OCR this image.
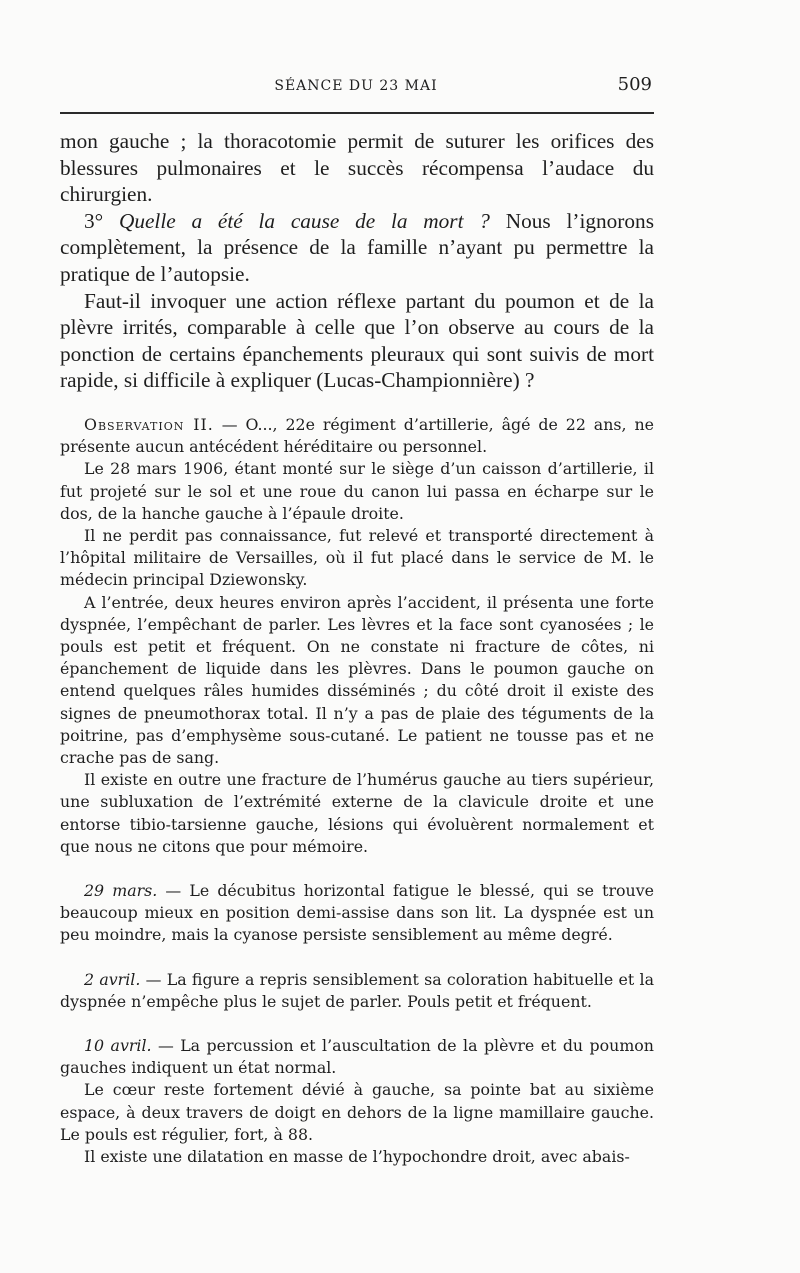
SÉANCE DU 23 MAI	509

mon gauche ; la thoracotomie permit de suturer les orifices des blessures pulmonaires et le succès récompensa l’audace du chirurgien.

3° Quelle a été la cause de la mort ? Nous l’ignorons complètement, la présence de la famille n’ayant pu permettre la pratique de l’autopsie.

Faut-il invoquer une action réflexe partant du poumon et de la plèvre irrités, comparable à celle que l’on observe au cours de la ponction de certains épanchements pleuraux qui sont suivis de mort rapide, si difficile à expliquer (Lucas-Championnière) ?

Observation II. — O..., 22e régiment d’artillerie, âgé de 22 ans, ne présente aucun antécédent héréditaire ou personnel.

Le 28 mars 1906, étant monté sur le siège d’un caisson d’artillerie, il fut projeté sur le sol et une roue du canon lui passa en écharpe sur le dos, de la hanche gauche à l’épaule droite.

Il ne perdit pas connaissance, fut relevé et transporté directement à l’hôpital militaire de Versailles, où il fut placé dans le service de M. le médecin principal Dziewonsky.

A l’entrée, deux heures environ après l’accident, il présenta une forte dyspnée, l’empêchant de parler. Les lèvres et la face sont cyanosées ; le pouls est petit et fréquent. On ne constate ni fracture de côtes, ni épanchement de liquide dans les plèvres. Dans le poumon gauche on entend quelques râles humides disséminés ; du côté droit il existe des signes de pneumothorax total. Il n’y a pas de plaie des téguments de la poitrine, pas d’emphysème sous-cutané. Le patient ne tousse pas et ne crache pas de sang.

Il existe en outre une fracture de l’humérus gauche au tiers supérieur, une subluxation de l’extrémité externe de la clavicule droite et une entorse tibio-tarsienne gauche, lésions qui évoluèrent normalement et que nous ne citons que pour mémoire.

29 mars. — Le décubitus horizontal fatigue le blessé, qui se trouve beaucoup mieux en position demi-assise dans son lit. La dyspnée est un peu moindre, mais la cyanose persiste sensiblement au même degré.

2 avril. — La figure a repris sensiblement sa coloration habituelle et la dyspnée n’empêche plus le sujet de parler. Pouls petit et fréquent.

10 avril. — La percussion et l’auscultation de la plèvre et du poumon gauches indiquent un état normal.

Le cœur reste fortement dévié à gauche, sa pointe bat au sixième espace, à deux travers de doigt en dehors de la ligne mamillaire gauche. Le pouls est régulier, fort, à 88.

Il existe une dilatation en masse de l’hypochondre droit, avec abais-
